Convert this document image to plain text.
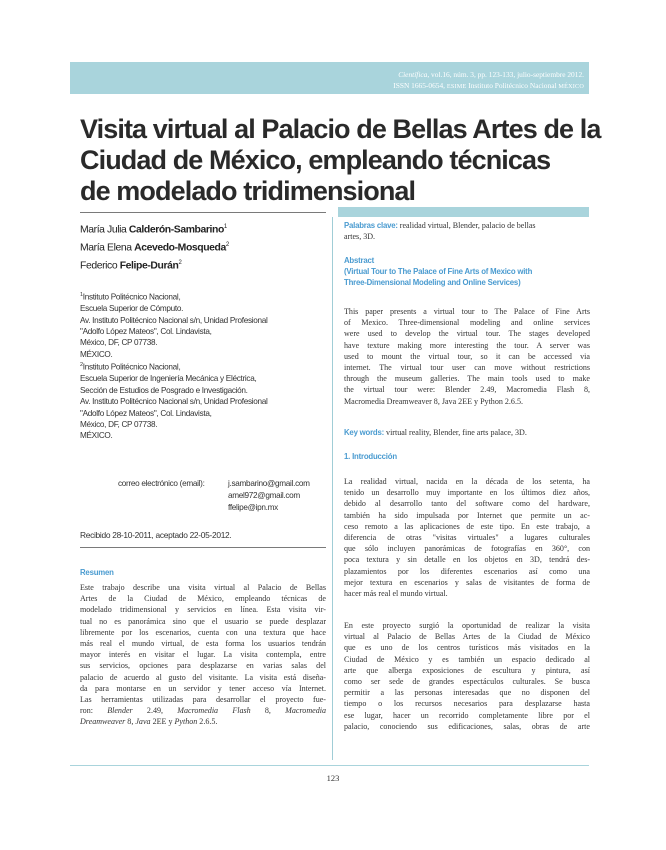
Científica, vol.16, núm. 3, pp. 123-133, julio-septiembre 2012.
ISSN 1665-0654, ESIME Instituto Politécnico Nacional MÉXICO
Visita virtual al Palacio de Bellas Artes de la
Ciudad de México, empleando técnicas
de modelado tridimensional
María Julia Calderón-Sambarino$^1$
María Elena Acevedo-Mosqueda$^2$
Federico Felipe-Durán$^2$
$^1$Instituto Politécnico Nacional,
Escuela Superior de Cómputo.
Av. Instituto Politécnico Nacional s/n, Unidad Profesional
"Adolfo López Mateos", Col. Lindavista,
México, DF, CP 07738.
MÉXICO.
$^2$Instituto Politécnico Nacional,
Escuela Superior de Ingeniería Mecánica y Eléctrica,
Sección de Estudios de Posgrado e Investigación.
Av. Instituto Politécnico Nacional s/n, Unidad Profesional
"Adolfo López Mateos", Col. Lindavista,
México, DF, CP 07738.
MÉXICO.
correo electrónico (email):	j.sambarino@gmail.com
amel972@gmail.com
ffelipe@ipn.mx
Recibido 28-10-2011, aceptado 22-05-2012.
Resumen
Este trabajo describe una visita virtual al Palacio de Bellas
Artes de la Ciudad de México, empleando técnicas de
modelado tridimensional y servicios en línea. Esta visita vir-
tual no es panorámica sino que el usuario se puede desplazar
libremente por los escenarios, cuenta con una textura que hace
más real el mundo virtual, de esta forma los usuarios tendrán
mayor interés en visitar el lugar. La visita contempla, entre
sus servicios, opciones para desplazarse en varias salas del
palacio de acuerdo al gusto del visitante. La visita está diseña-
da para montarse en un servidor y tener acceso vía Internet.
Las herramientas utilizadas para desarrollar el proyecto fue-
ron: Blender 2.49, Macromedia Flash 8, Macromedia
Dreamweaver 8, Java 2EE y Python 2.6.5.
Palabras clave: realidad virtual, Blender, palacio de bellas
artes, 3D.
Abstract
(Virtual Tour to The Palace of Fine Arts of Mexico with
Three-Dimensional Modeling and Online Services)
This paper presents a virtual tour to The Palace of Fine Arts
of Mexico. Three-dimensional modeling and online services
were used to develop the virtual tour. The stages developed
have texture making more interesting the tour. A server was
used to mount the virtual tour, so it can be accessed via
internet. The virtual tour user can move without restrictions
through the museum galleries. The main tools used to make
the virtual tour were: Blender 2.49, Macromedia Flash 8,
Macromedia Dreamweaver 8, Java 2EE y Python 2.6.5.
Key words: virtual reality, Blender, fine arts palace, 3D.
1. Introducción
La realidad virtual, nacida en la década de los setenta, ha
tenido un desarrollo muy importante en los últimos diez años,
debido al desarrollo tanto del software como del hardware,
también ha sido impulsada por Internet que permite un ac-
ceso remoto a las aplicaciones de este tipo. En este trabajo, a
diferencia de otras "visitas virtuales" a lugares culturales
que sólo incluyen panorámicas de fotografías en 360°, con
poca textura y sin detalle en los objetos en 3D, tendrá des-
plazamientos por los diferentes escenarios así como una
mejor textura en escenarios y salas de visitantes de forma de
hacer más real el mundo virtual.
En este proyecto surgió la oportunidad de realizar la visita
virtual al Palacio de Bellas Artes de la Ciudad de México
que es uno de los centros turísticos más visitados en la
Ciudad de México y es también un espacio dedicado al
arte que alberga exposiciones de escultura y pintura, así
como ser sede de grandes espectáculos culturales. Se busca
permitir a las personas interesadas que no disponen del
tiempo o los recursos necesarios para desplazarse hasta
ese lugar, hacer un recorrido completamente libre por el
palacio, conociendo sus edificaciones, salas, obras de arte
123
